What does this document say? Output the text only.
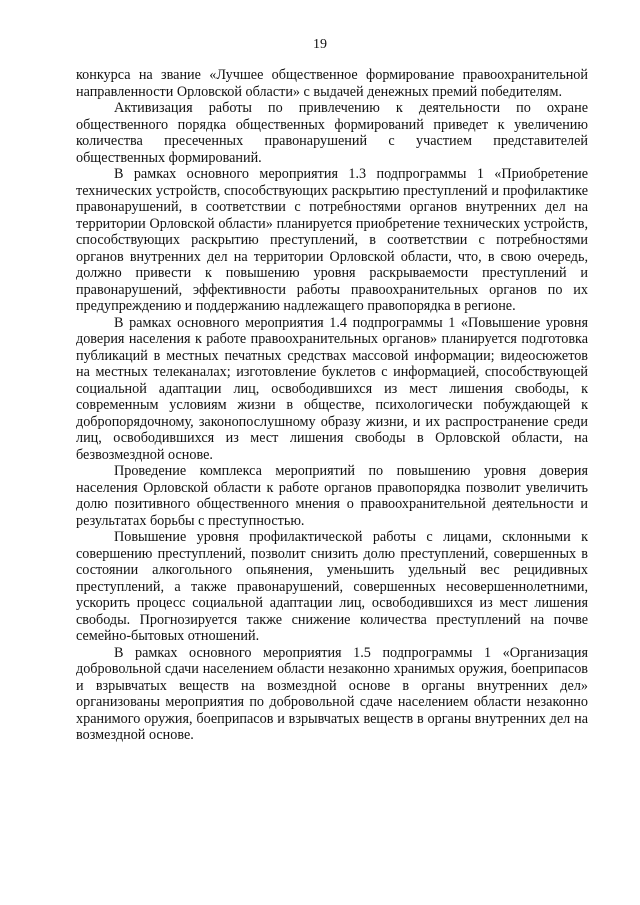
19

конкурса на звание «Лучшее общественное формирование правоохранительной направленности Орловской области» с выдачей денежных премий победителям.

Активизация работы по привлечению к деятельности по охране общественного порядка общественных формирований приведет к увеличению количества пресеченных правонарушений с участием представителей общественных формирований.

В рамках основного мероприятия 1.3 подпрограммы 1 «Приобретение технических устройств, способствующих раскрытию преступлений и профилактике правонарушений, в соответствии с потребностями органов внутренних дел на территории Орловской области» планируется приобретение технических устройств, способствующих раскрытию преступлений, в соответствии с потребностями органов внутренних дел на территории Орловской области, что, в свою очередь, должно привести к повышению уровня раскрываемости преступлений и правонарушений, эффективности работы правоохранительных органов по их предупреждению и поддержанию надлежащего правопорядка в регионе.

В рамках основного мероприятия 1.4 подпрограммы 1 «Повышение уровня доверия населения к работе правоохранительных органов» планируется подготовка публикаций в местных печатных средствах массовой информации; видеосюжетов на местных телеканалах; изготовление буклетов с информацией, способствующей социальной адаптации лиц, освободившихся из мест лишения свободы, к современным условиям жизни в обществе, психологически побуждающей к добропорядочному, законопослушному образу жизни, и их распространение среди лиц, освободившихся из мест лишения свободы в Орловской области, на безвозмездной основе.

Проведение комплекса мероприятий по повышению уровня доверия населения Орловской области к работе органов правопорядка позволит увеличить долю позитивного общественного мнения о правоохранительной деятельности и результатах борьбы с преступностью.

Повышение уровня профилактической работы с лицами, склонными к совершению преступлений, позволит снизить долю преступлений, совершенных в состоянии алкогольного опьянения, уменьшить удельный вес рецидивных преступлений, а также правонарушений, совершенных несовершеннолетними, ускорить процесс социальной адаптации лиц, освободившихся из мест лишения свободы. Прогнозируется также снижение количества преступлений на почве семейно-бытовых отношений.

В рамках основного мероприятия 1.5 подпрограммы 1 «Организация добровольной сдачи населением области незаконно хранимых оружия, боеприпасов и взрывчатых веществ на возмездной основе в органы внутренних дел» организованы мероприятия по добровольной сдаче населением области незаконно хранимого оружия, боеприпасов и взрывчатых веществ в органы внутренних дел на возмездной основе.
